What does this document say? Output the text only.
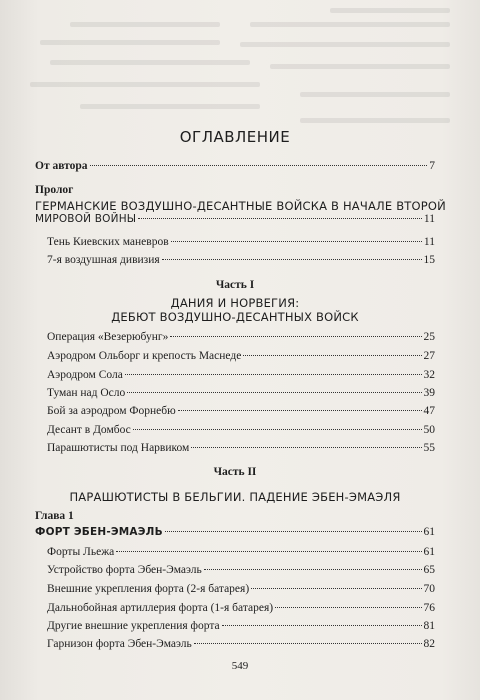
ОГЛАВЛЕНИЕ
От автора	7
Пролог
ГЕРМАНСКИЕ ВОЗДУШНО-ДЕСАНТНЫЕ ВОЙСКА В НАЧАЛЕ ВТОРОЙ
МИРОВОЙ ВОЙНЫ	11
Тень Киевских маневров	11
7-я воздушная дивизия	15
Часть I
ДАНИЯ И НОРВЕГИЯ:
ДЕБЮТ ВОЗДУШНО-ДЕСАНТНЫХ ВОЙСК
Операция «Везерюбунг»	25
Аэродром Ольборг и крепость Маснеде	27
Аэродром Сола	32
Туман над Осло	39
Бой за аэродром Форнебю	47
Десант в Домбос	50
Парашютисты под Нарвиком	55
Часть II
ПАРАШЮТИСТЫ В БЕЛЬГИИ. ПАДЕНИЕ ЭБЕН-ЭМАЭЛЯ
Глава 1
ФОРТ ЭБЕН-ЭМАЭЛЬ	61
Форты Льежа	61
Устройство форта Эбен-Эмаэль	65
Внешние укрепления форта (2-я батарея)	70
Дальнобойная артиллерия форта (1-я батарея)	76
Другие внешние укрепления форта	81
Гарнизон форта Эбен-Эмаэль	82
549
